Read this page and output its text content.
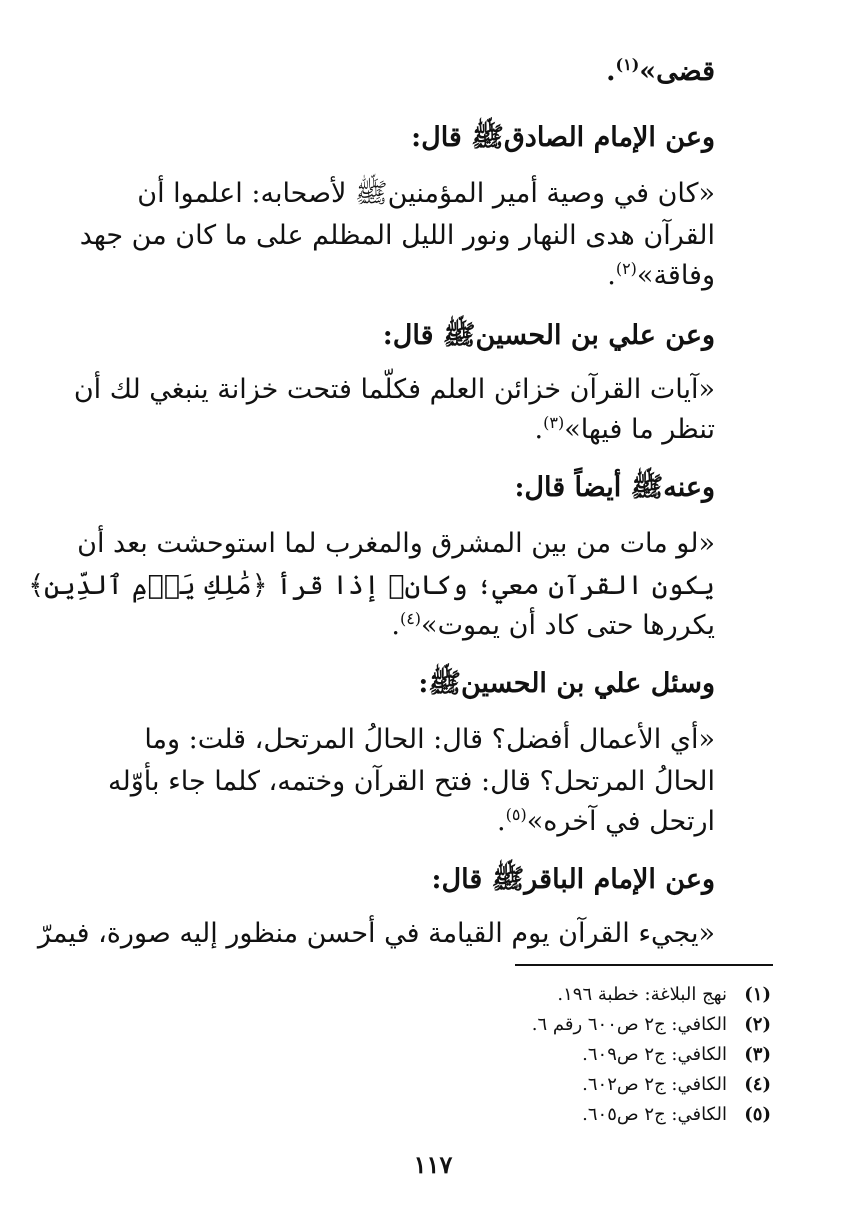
قضى»$^{(١)}$.
وعن الإمام الصادقﷺ قال:
«كان في وصية أمير المؤمنينﷺ لأصحابه: اعلموا أن
القرآن هدى النهار ونور الليل المظلم على ما كان من جهد
وفاقة»$^{(٢)}$.
وعن علي بن الحسينﷺ قال:
«آيات القرآن خزائن العلم فكلّما فتحت خزانة ينبغي لك أن
تنظر ما فيها»$^{(٣)}$.
وعنهﷺ أيضاً قال:
«لو مات من بين المشرق والمغرب لما استوحشت بعد أن
يكون القرآن معي؛ وكانﷺ إذا قرأ ﴿مَٰلِكِ يَوۡمِ ٱلدِّينِ﴾
يكررها حتى كاد أن يموت»$^{(٤)}$.
وسئل علي بن الحسينﷺ:
«أي الأعمال أفضل؟ قال: الحالُ المرتحل، قلت: وما
الحالُ المرتحل؟ قال: فتح القرآن وختمه، كلما جاء بأوّله
ارتحل في آخره»$^{(٥)}$.
وعن الإمام الباقرﷺ قال:
«يجيء القرآن يوم القيامة في أحسن منظور إليه صورة، فيمرّ
(١)نهج البلاغة: خطبة ١٩٦.
(٢)الكافي: ج٢ ص٦٠٠ رقم ٦.
(٣)الكافي: ج٢ ص٦٠٩.
(٤)الكافي: ج٢ ص٦٠٢.
(٥)الكافي: ج٢ ص٦٠٥.
١١٧
